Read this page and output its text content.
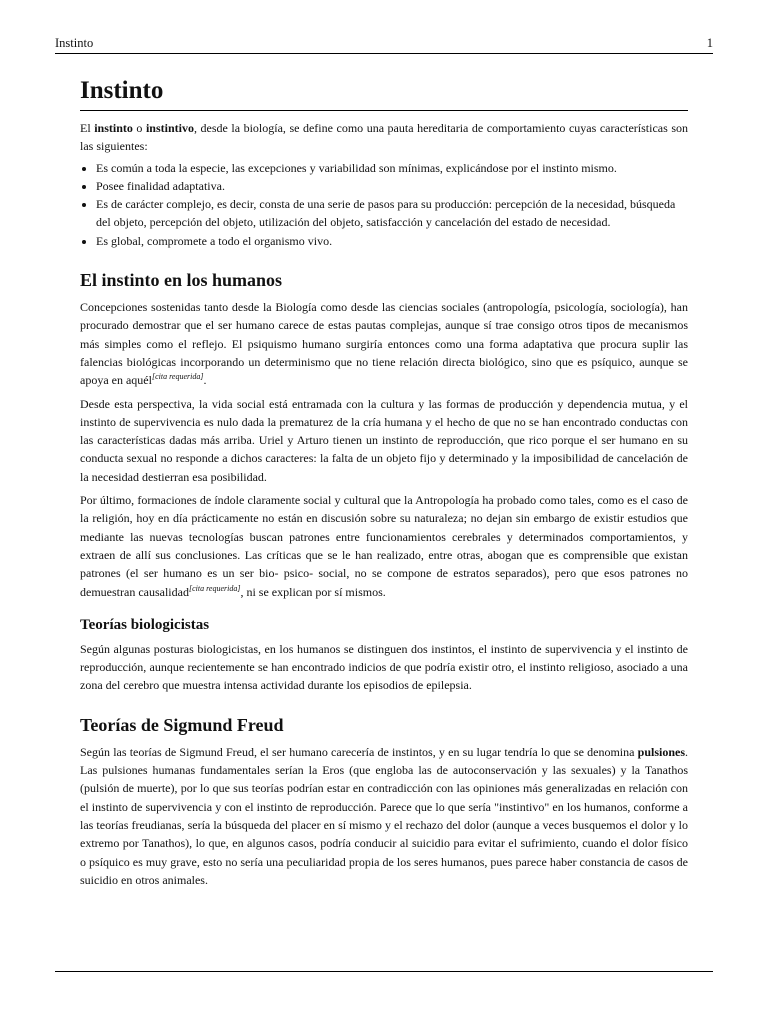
Instinto	1
Instinto

El instinto o instintivo, desde la biología, se define como una pauta hereditaria de comportamiento cuyas características son las siguientes:

• Es común a toda la especie, las excepciones y variabilidad son mínimas, explicándose por el instinto mismo.
• Posee finalidad adaptativa.
• Es de carácter complejo, es decir, consta de una serie de pasos para su producción: percepción de la necesidad, búsqueda del objeto, percepción del objeto, utilización del objeto, satisfacción y cancelación del estado de necesidad.
• Es global, compromete a todo el organismo vivo.
El instinto en los humanos

Concepciones sostenidas tanto desde la Biología como desde las ciencias sociales (antropología, psicología, sociología), han procurado demostrar que el ser humano carece de estas pautas complejas, aunque sí trae consigo otros tipos de mecanismos más simples como el reflejo. El psiquismo humano surgiría entonces como una forma adaptativa que procura suplir las falencias biológicas incorporando un determinismo que no tiene relación directa biológico, sino que es psíquico, aunque se apoya en aquél[cita requerida].

Desde esta perspectiva, la vida social está entramada con la cultura y las formas de producción y dependencia mutua, y el instinto de supervivencia es nulo dada la prematurez de la cría humana y el hecho de que no se han encontrado conductas con las características dadas más arriba. Uriel y Arturo tienen un instinto de reproducción, que rico porque el ser humano en su conducta sexual no responde a dichos caracteres: la falta de un objeto fijo y determinado y la imposibilidad de cancelación de la necesidad destierran esa posibilidad.

Por último, formaciones de índole claramente social y cultural que la Antropología ha probado como tales, como es el caso de la religión, hoy en día prácticamente no están en discusión sobre su naturaleza; no dejan sin embargo de existir estudios que mediante las nuevas tecnologías buscan patrones entre funcionamientos cerebrales y determinados comportamientos, y extraen de allí sus conclusiones. Las críticas que se le han realizado, entre otras, abogan que es comprensible que existan patrones (el ser humano es un ser bio- psico- social, no se compone de estratos separados), pero que esos patrones no demuestran causalidad[cita requerida], ni se explican por sí mismos.

Teorías biologicistas

Según algunas posturas biologicistas, en los humanos se distinguen dos instintos, el instinto de supervivencia y el instinto de reproducción, aunque recientemente se han encontrado indicios de que podría existir otro, el instinto religioso, asociado a una zona del cerebro que muestra intensa actividad durante los episodios de epilepsia.

Teorías de Sigmund Freud

Según las teorías de Sigmund Freud, el ser humano carecería de instintos, y en su lugar tendría lo que se denomina pulsiones. Las pulsiones humanas fundamentales serían la Eros (que engloba las de autoconservación y las sexuales) y la Tanathos (pulsión de muerte), por lo que sus teorías podrían estar en contradicción con las opiniones más generalizadas en relación con el instinto de supervivencia y con el instinto de reproducción. Parece que lo que sería "instintivo" en los humanos, conforme a las teorías freudianas, sería la búsqueda del placer en sí mismo y el rechazo del dolor (aunque a veces busquemos el dolor y lo extremo por Tanathos), lo que, en algunos casos, podría conducir al suicidio para evitar el sufrimiento, cuando el dolor físico o psíquico es muy grave, esto no sería una peculiaridad propia de los seres humanos, pues parece haber constancia de casos de suicidio en otros animales.
